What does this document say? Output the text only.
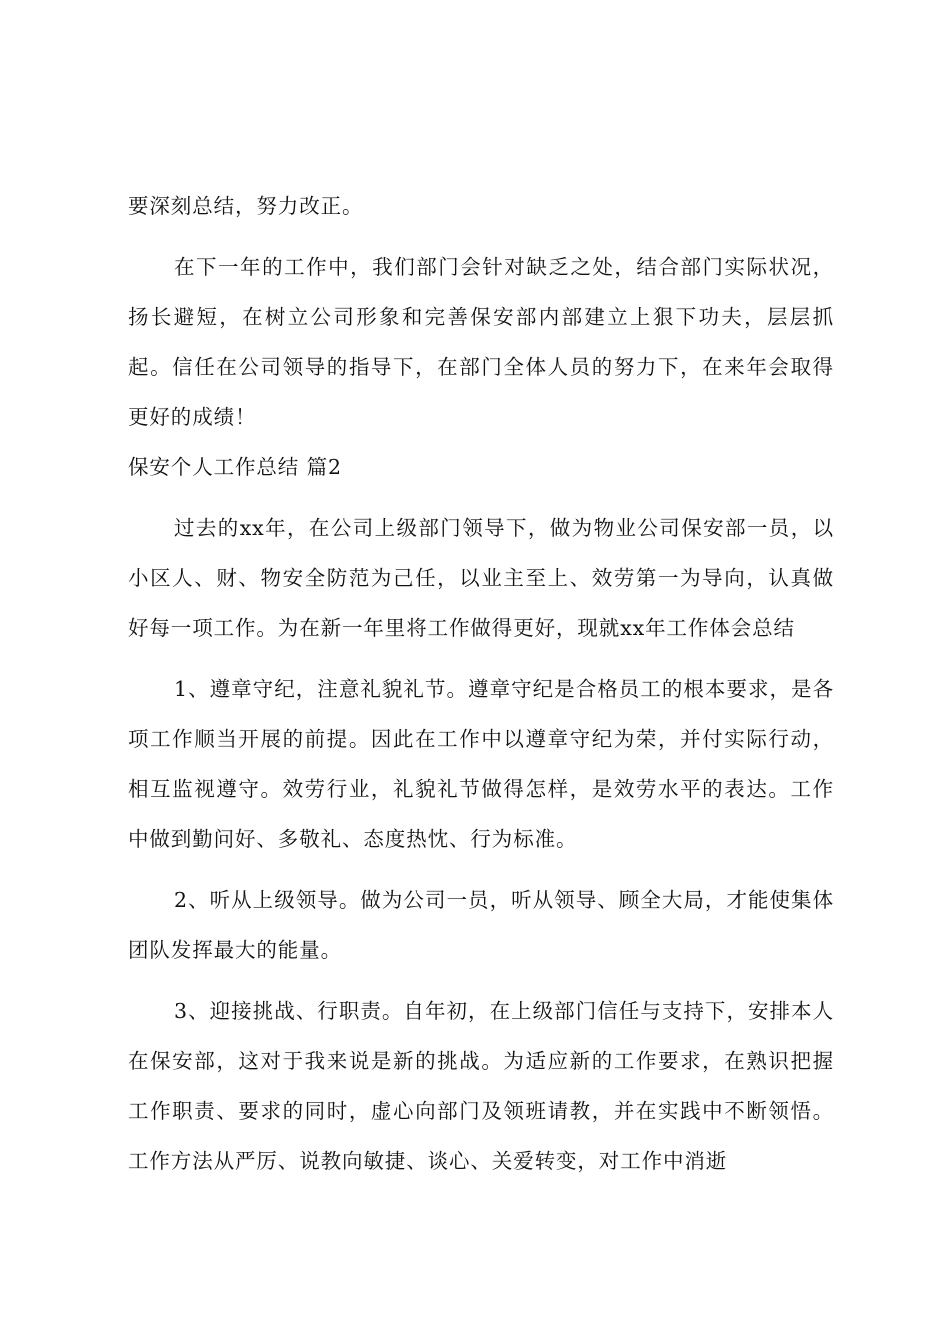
要深刻总结，努力改正。

在下一年的工作中，我们部门会针对缺乏之处，结合部门实际状况，扬长避短，在树立公司形象和完善保安部内部建立上狠下功夫，层层抓起。信任在公司领导的指导下，在部门全体人员的努力下，在来年会取得更好的成绩！

保安个人工作总结 篇2

过去的xx年，在公司上级部门领导下，做为物业公司保安部一员，以小区人、财、物安全防范为己任，以业主至上、效劳第一为导向，认真做好每一项工作。为在新一年里将工作做得更好，现就xx年工作体会总结

1、遵章守纪，注意礼貌礼节。遵章守纪是合格员工的根本要求，是各项工作顺当开展的前提。因此在工作中以遵章守纪为荣，并付实际行动，相互监视遵守。效劳行业，礼貌礼节做得怎样，是效劳水平的表达。工作中做到勤问好、多敬礼、态度热忱、行为标准。

2、听从上级领导。做为公司一员，听从领导、顾全大局，才能使集体团队发挥最大的能量。

3、迎接挑战、行职责。自年初，在上级部门信任与支持下，安排本人在保安部，这对于我来说是新的挑战。为适应新的工作要求，在熟识把握工作职责、要求的同时，虚心向部门及领班请教，并在实践中不断领悟。工作方法从严厉、说教向敏捷、谈心、关爱转变，对工作中消逝
